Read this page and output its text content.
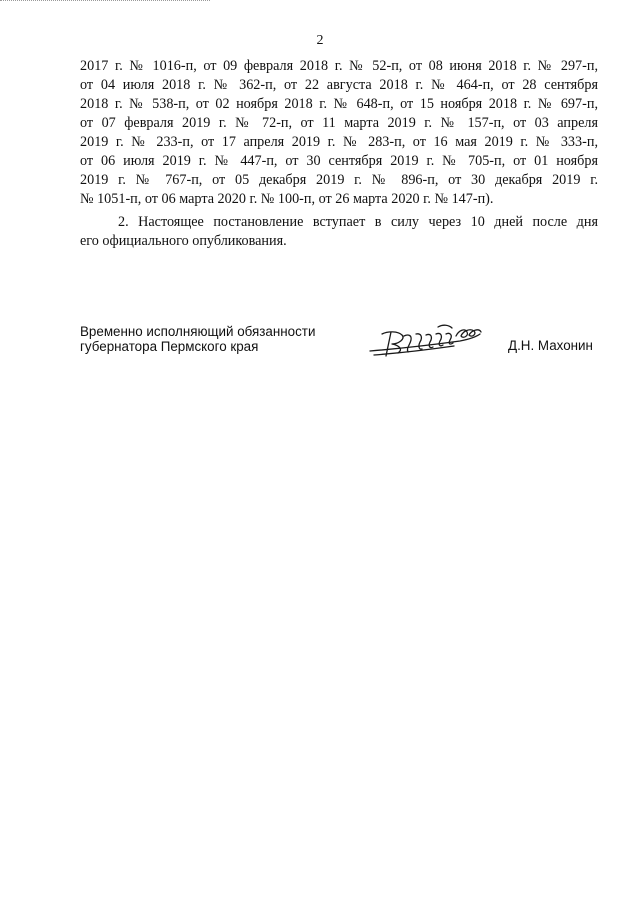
2
2017 г. № 1016-п, от 09 февраля 2018 г. № 52-п, от 08 июня 2018 г. № 297-п,
от 04 июля 2018 г. № 362-п, от 22 августа 2018 г. № 464-п, от 28 сентября
2018 г. № 538-п, от 02 ноября 2018 г. № 648-п, от 15 ноября 2018 г. № 697-п,
от 07 февраля 2019 г. № 72-п, от 11 марта 2019 г. № 157-п, от 03 апреля
2019 г. № 233-п, от 17 апреля 2019 г. № 283-п, от 16 мая 2019 г. № 333-п,
от 06 июля 2019 г. № 447-п, от 30 сентября 2019 г. № 705-п, от 01 ноября
2019 г. № 767-п, от 05 декабря 2019 г. № 896-п, от 30 декабря 2019 г.
№ 1051-п, от 06 марта 2020 г. № 100-п, от 26 марта 2020 г. № 147-п).
2. Настоящее постановление вступает в силу через 10 дней после дня
его официального опубликования.
Временно исполняющий обязанности
губернатора Пермского края	Д.Н. Махонин
